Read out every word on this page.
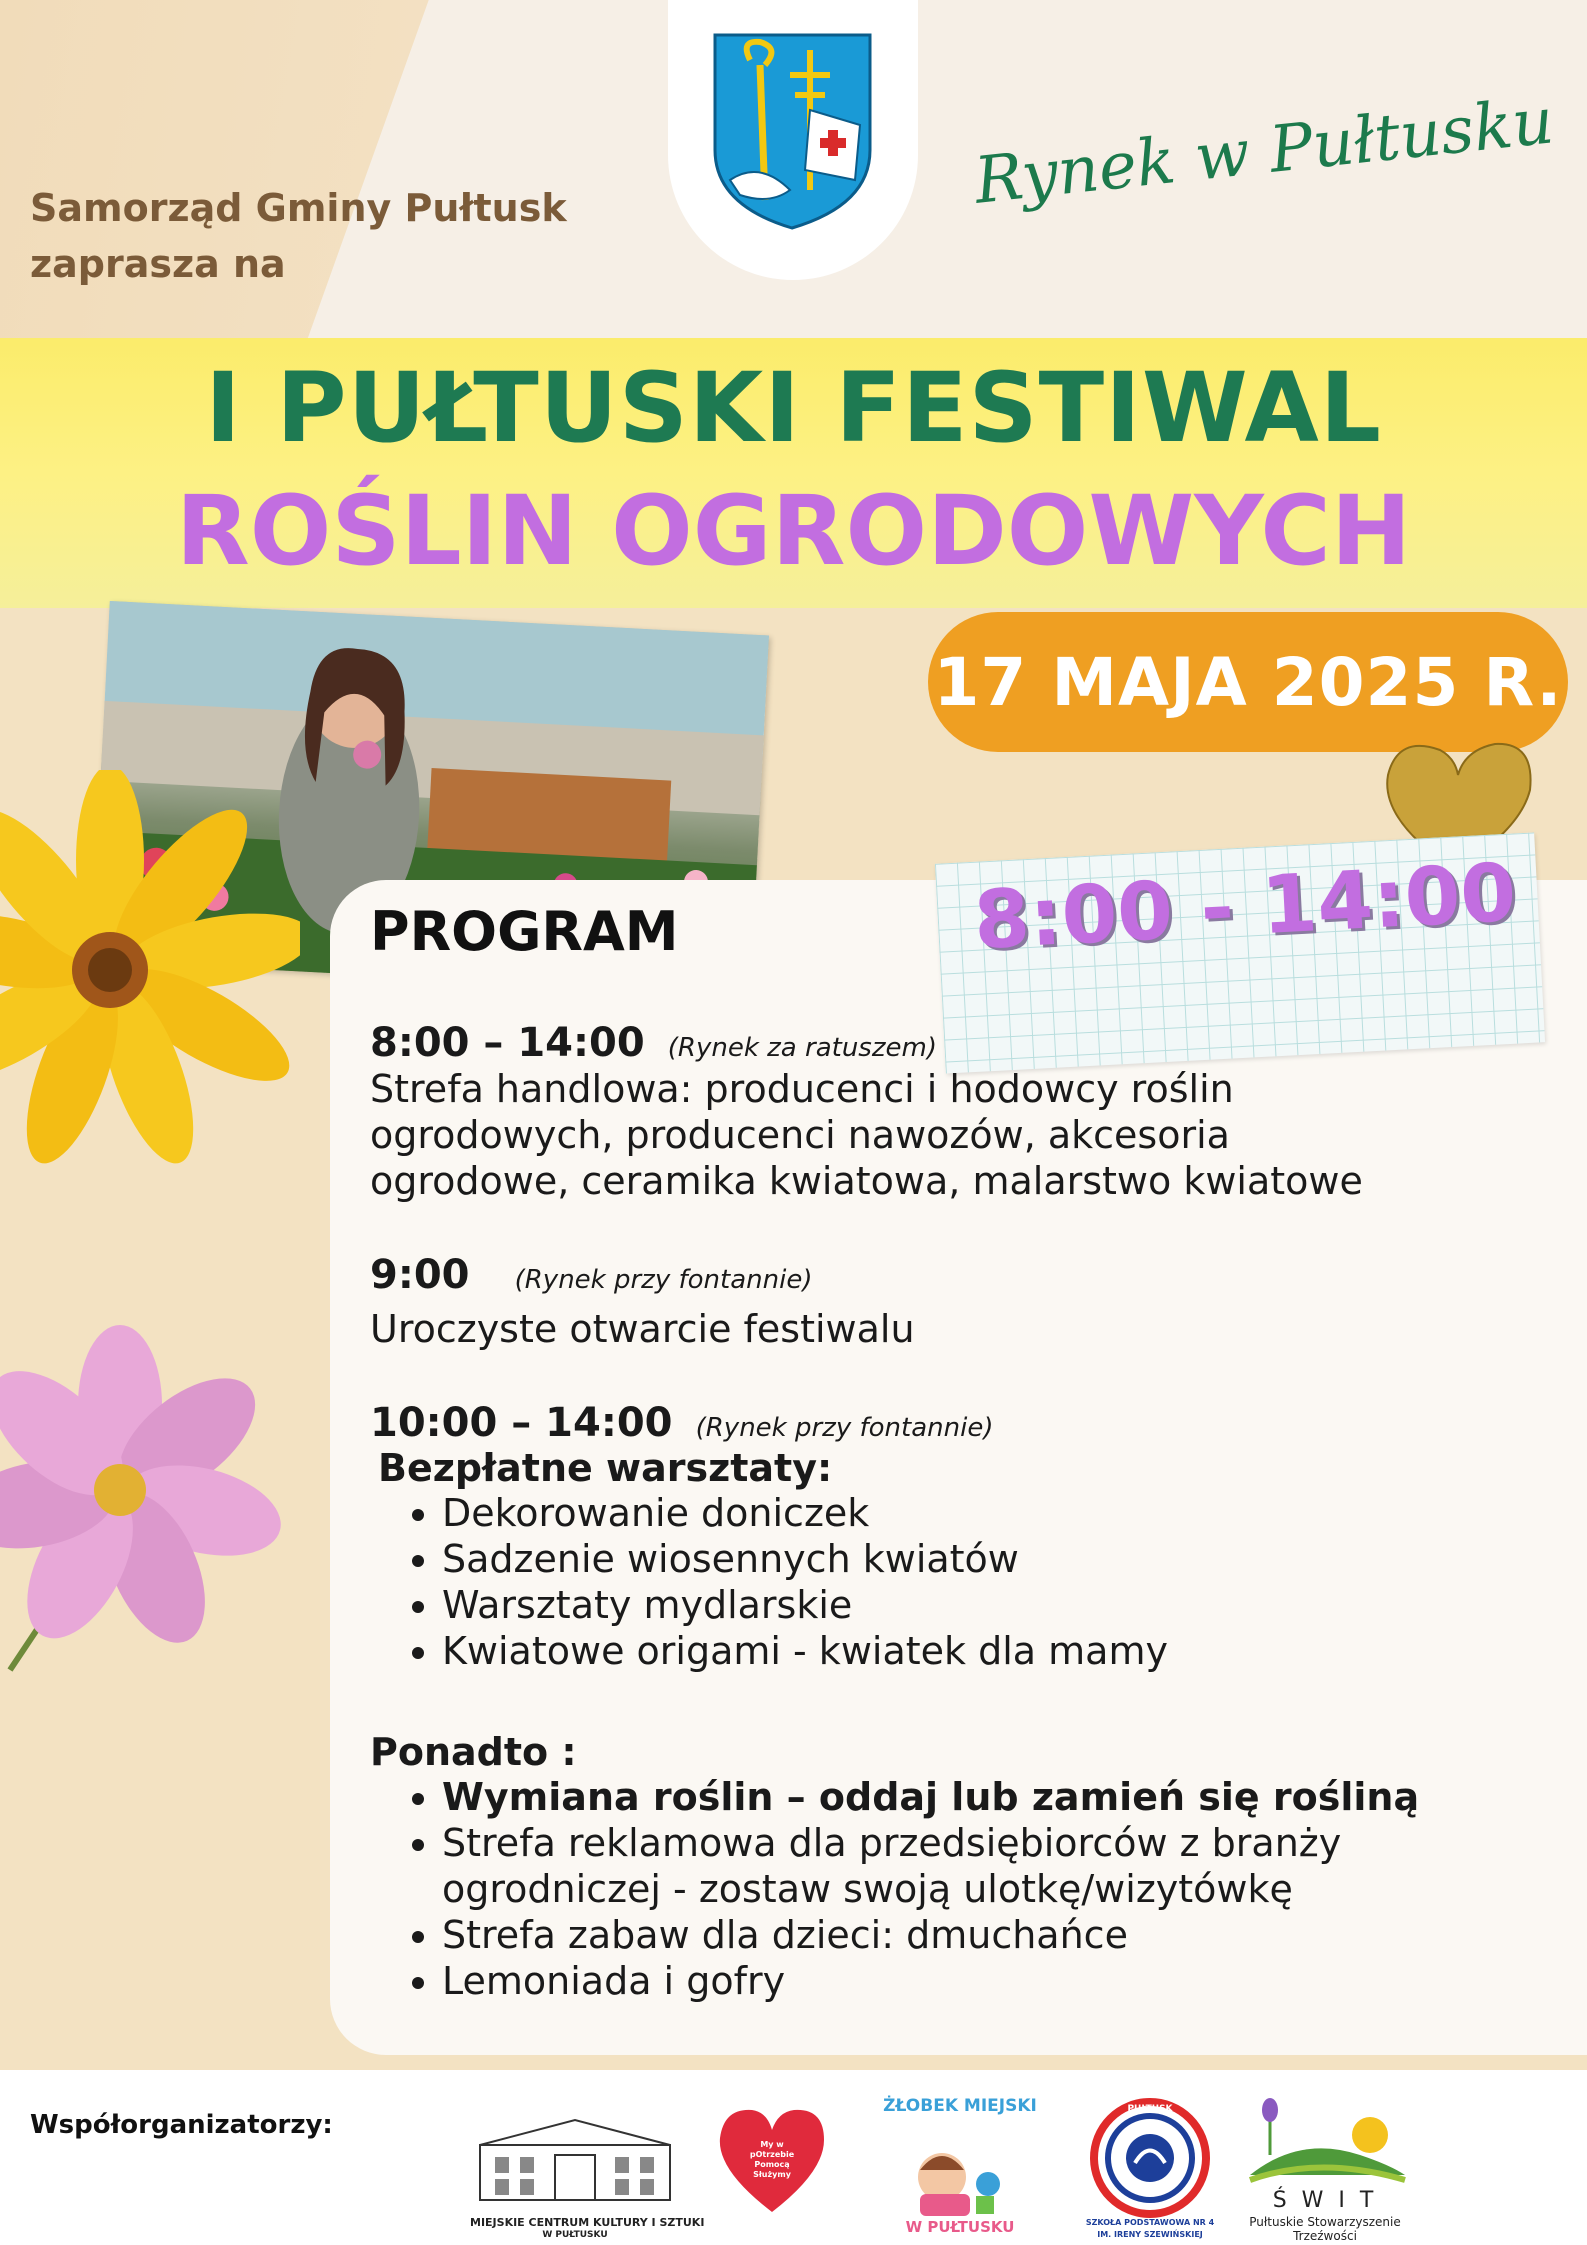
Samorząd Gminy Pułtusk
zaprasza na
Rynek w Pułtusku
I PUŁTUSKI FESTIWAL
ROŚLIN OGRODOWYCH
17 MAJA 2025 R.
8:00 - 14:00
PROGRAM
8:00 – 14:00 (Rynek za ratuszem)
Strefa handlowa: producenci i hodowcy roślin
ogrodowych, producenci nawozów, akcesoria
ogrodowe, ceramika kwiatowa, malarstwo kwiatowe
9:00 (Rynek przy fontannie)
Uroczyste otwarcie festiwalu
10:00 – 14:00 (Rynek przy fontannie)
Bezpłatne warsztaty:
• Dekorowanie doniczek
• Sadzenie wiosennych kwiatów
• Warsztaty mydlarskie
• Kwiatowe origami - kwiatek dla mamy
Ponadto :
• Wymiana roślin – oddaj lub zamień się rośliną
• Strefa reklamowa dla przedsiębiorców z branży
ogrodniczej - zostaw swoją ulotkę/wizytówkę
• Strefa zabaw dla dzieci: dmuchańce
• Lemoniada i gofry
Współorganizatorzy:
MIEJSKIE CENTRUM KULTURY I SZTUKI
W PUŁTUSKU
My w pOtrzebie Pomocą Służymy
ŻŁOBEK MIEJSKI
W PUŁTUSKU
PUŁTUSK
SZKOŁA PODSTAWOWA NR 4
IM. IRENY SZEWIŃSKIEJ
Ś W I T
Pułtuskie Stowarzyszenie Trzeźwości
